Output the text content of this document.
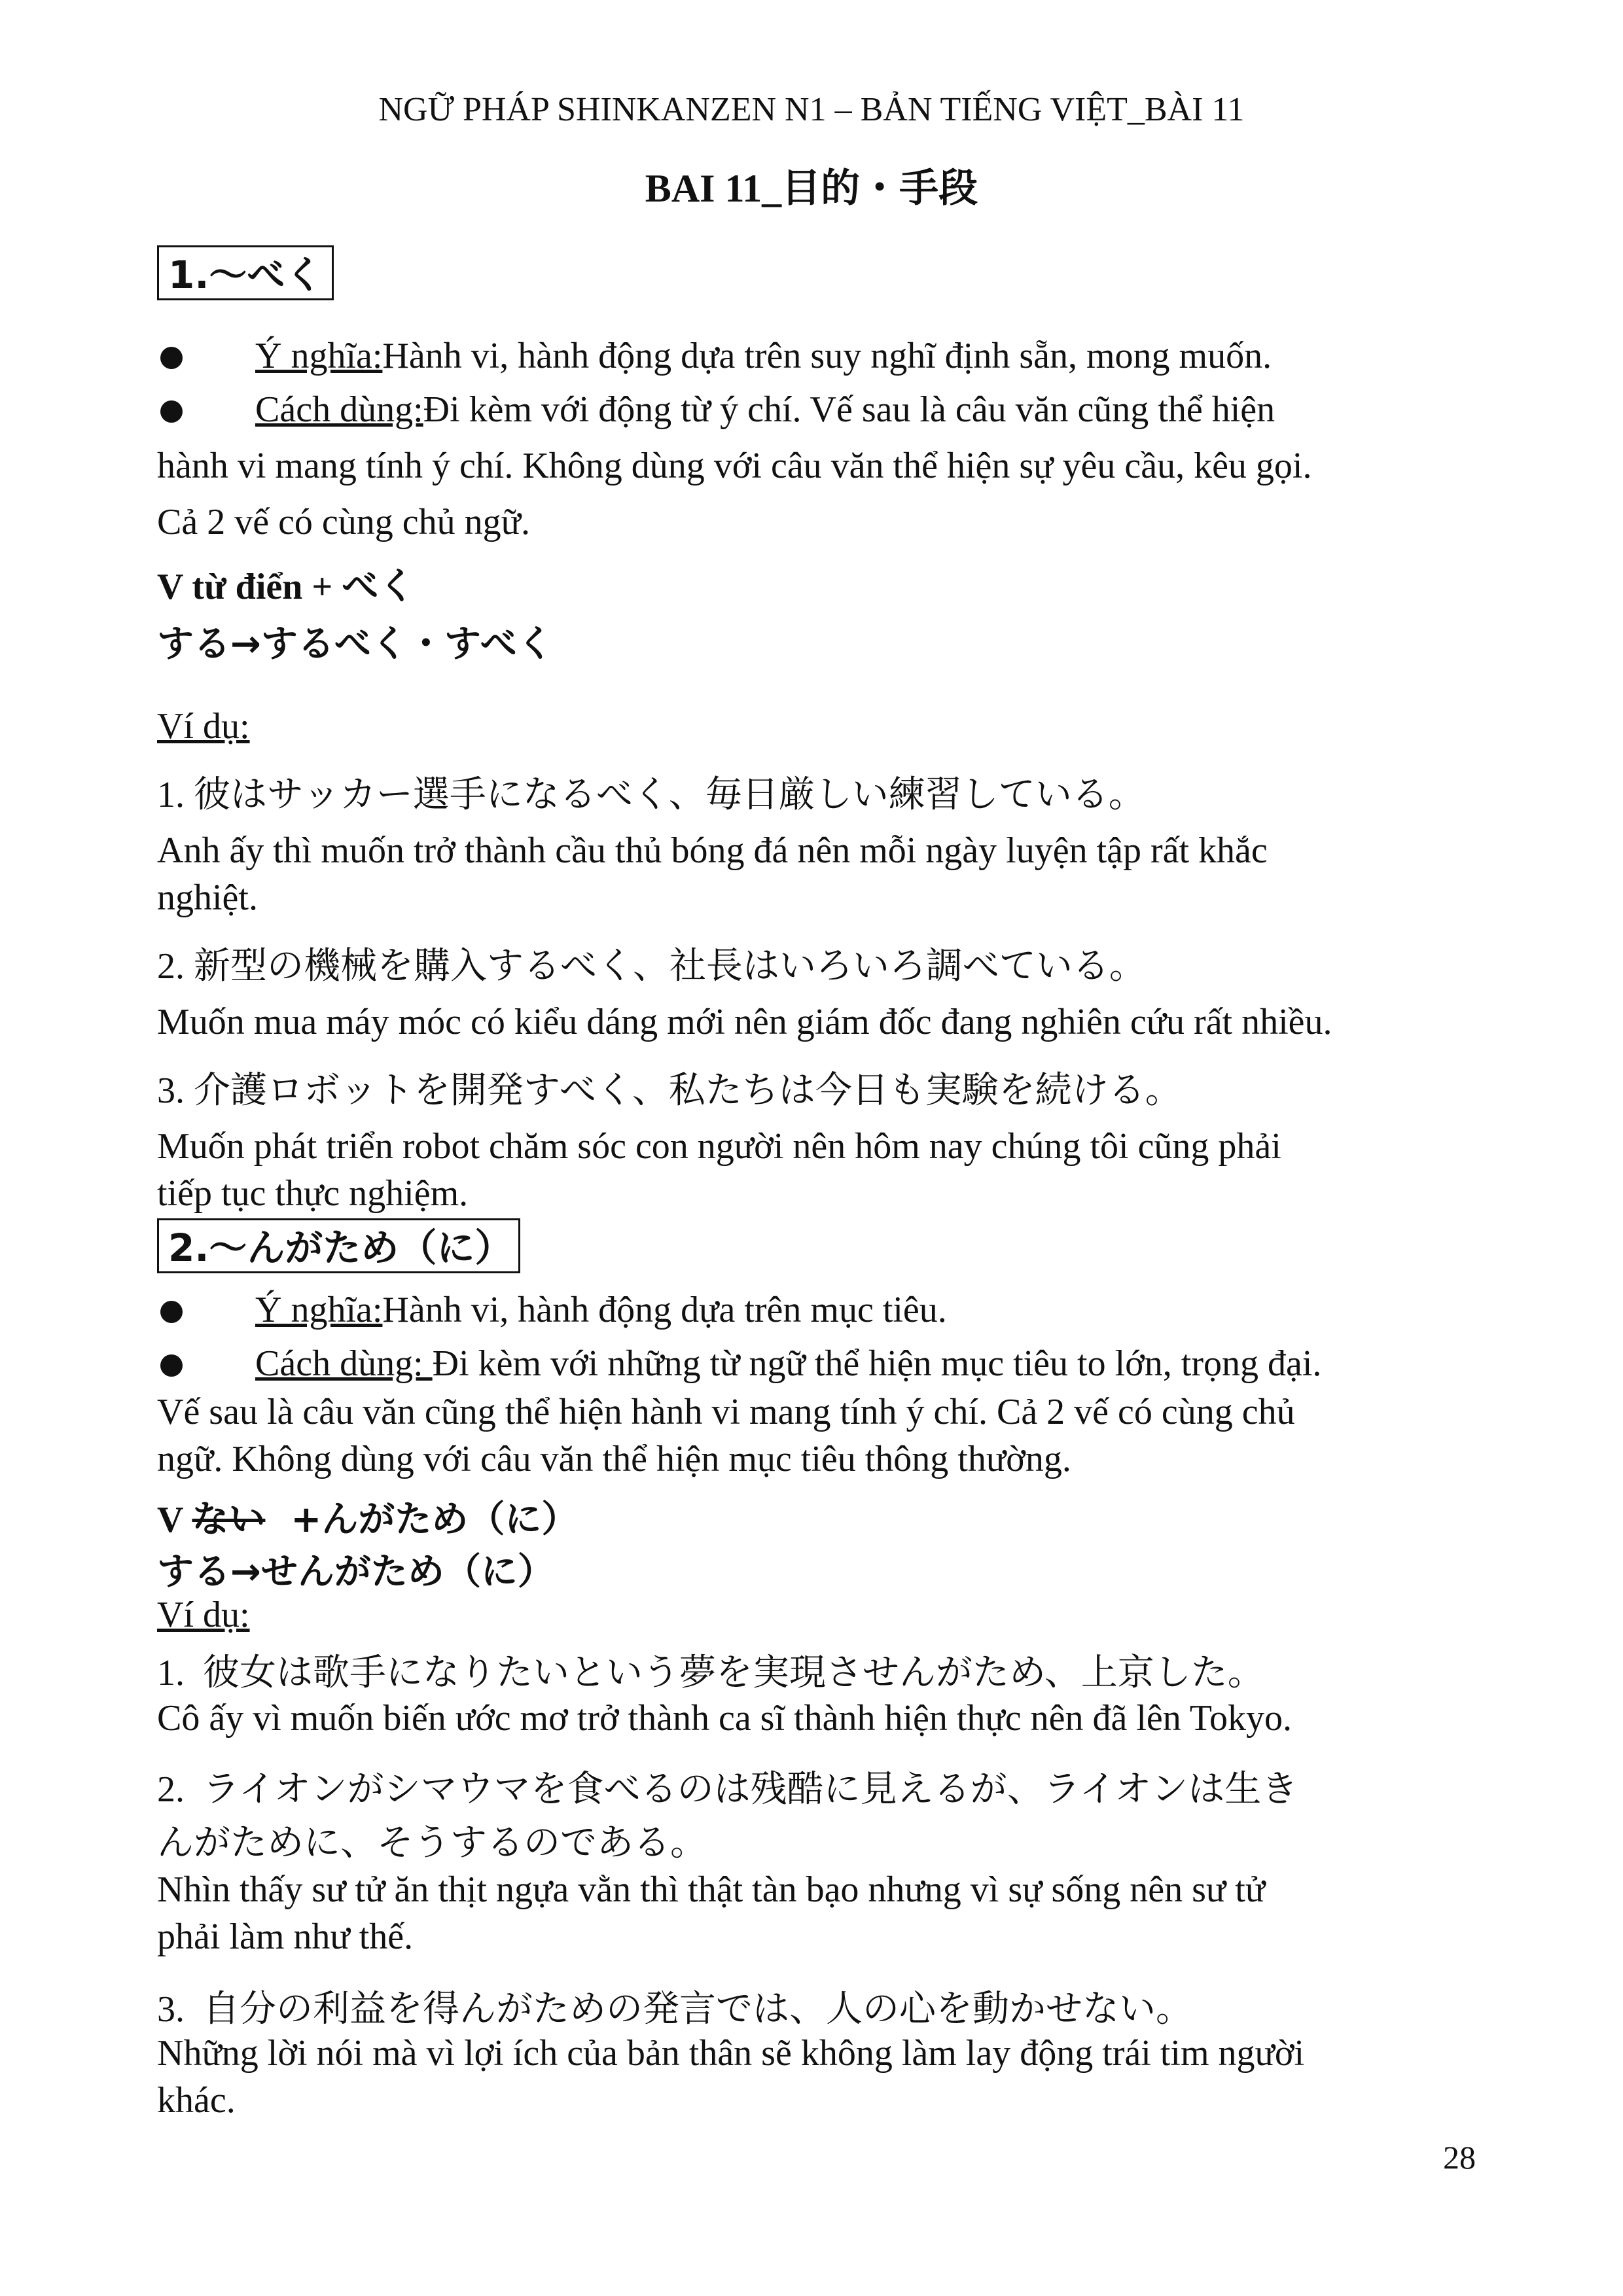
NGỮ PHÁP SHINKANZEN N1 – BẢN TIẾNG VIỆT_BÀI 11
BAI 11_目的・手段
1.〜べく
Ý nghĩa:Hành vi, hành động dựa trên suy nghĩ định sẵn, mong muốn.
Cách dùng:Đi kèm với động từ ý chí. Vế sau là câu văn cũng thể hiện
hành vi mang tính ý chí. Không dùng với câu văn thể hiện sự yêu cầu, kêu gọi.
Cả 2 vế có cùng chủ ngữ.
V từ điển + べく
する→するべく・すべく
Ví dụ:
1. 彼はサッカー選手になるべく、毎日厳しい練習している。
Anh ấy thì muốn trở thành cầu thủ bóng đá nên mỗi ngày luyện tập rất khắc
nghiệt.
2. 新型の機械を購入するべく、社長はいろいろ調べている。
Muốn mua máy móc có kiểu dáng mới nên giám đốc đang nghiên cứu rất nhiều.
3. 介護ロボットを開発すべく、私たちは今日も実験を続ける。
Muốn phát triển robot chăm sóc con người nên hôm nay chúng tôi cũng phải
tiếp tục thực nghiệm.
2.〜んがため（に）
Ý nghĩa:Hành vi, hành động dựa trên mục tiêu.
Cách dùng: Đi kèm với những từ ngữ thể hiện mục tiêu to lớn, trọng đại.
Vế sau là câu văn cũng thể hiện hành vi mang tính ý chí. Cả 2 vế có cùng chủ
ngữ. Không dùng với câu văn thể hiện mục tiêu thông thường.
V ない  +んがため（に）
する→せんがため（に）
Ví dụ:
1.  彼女は歌手になりたいという夢を実現させんがため、上京した。
Cô ấy vì muốn biến ước mơ trở thành ca sĩ thành hiện thực nên đã lên Tokyo.
2.  ライオンがシマウマを食べるのは残酷に見えるが、ライオンは生き
んがために、そうするのである。
Nhìn thấy sư tử ăn thịt ngựa vằn thì thật tàn bạo nhưng vì sự sống nên sư tử
phải làm như thế.
3.  自分の利益を得んがための発言では、人の心を動かせない。
Những lời nói mà vì lợi ích của bản thân sẽ không làm lay động trái tim người
khác.
28
